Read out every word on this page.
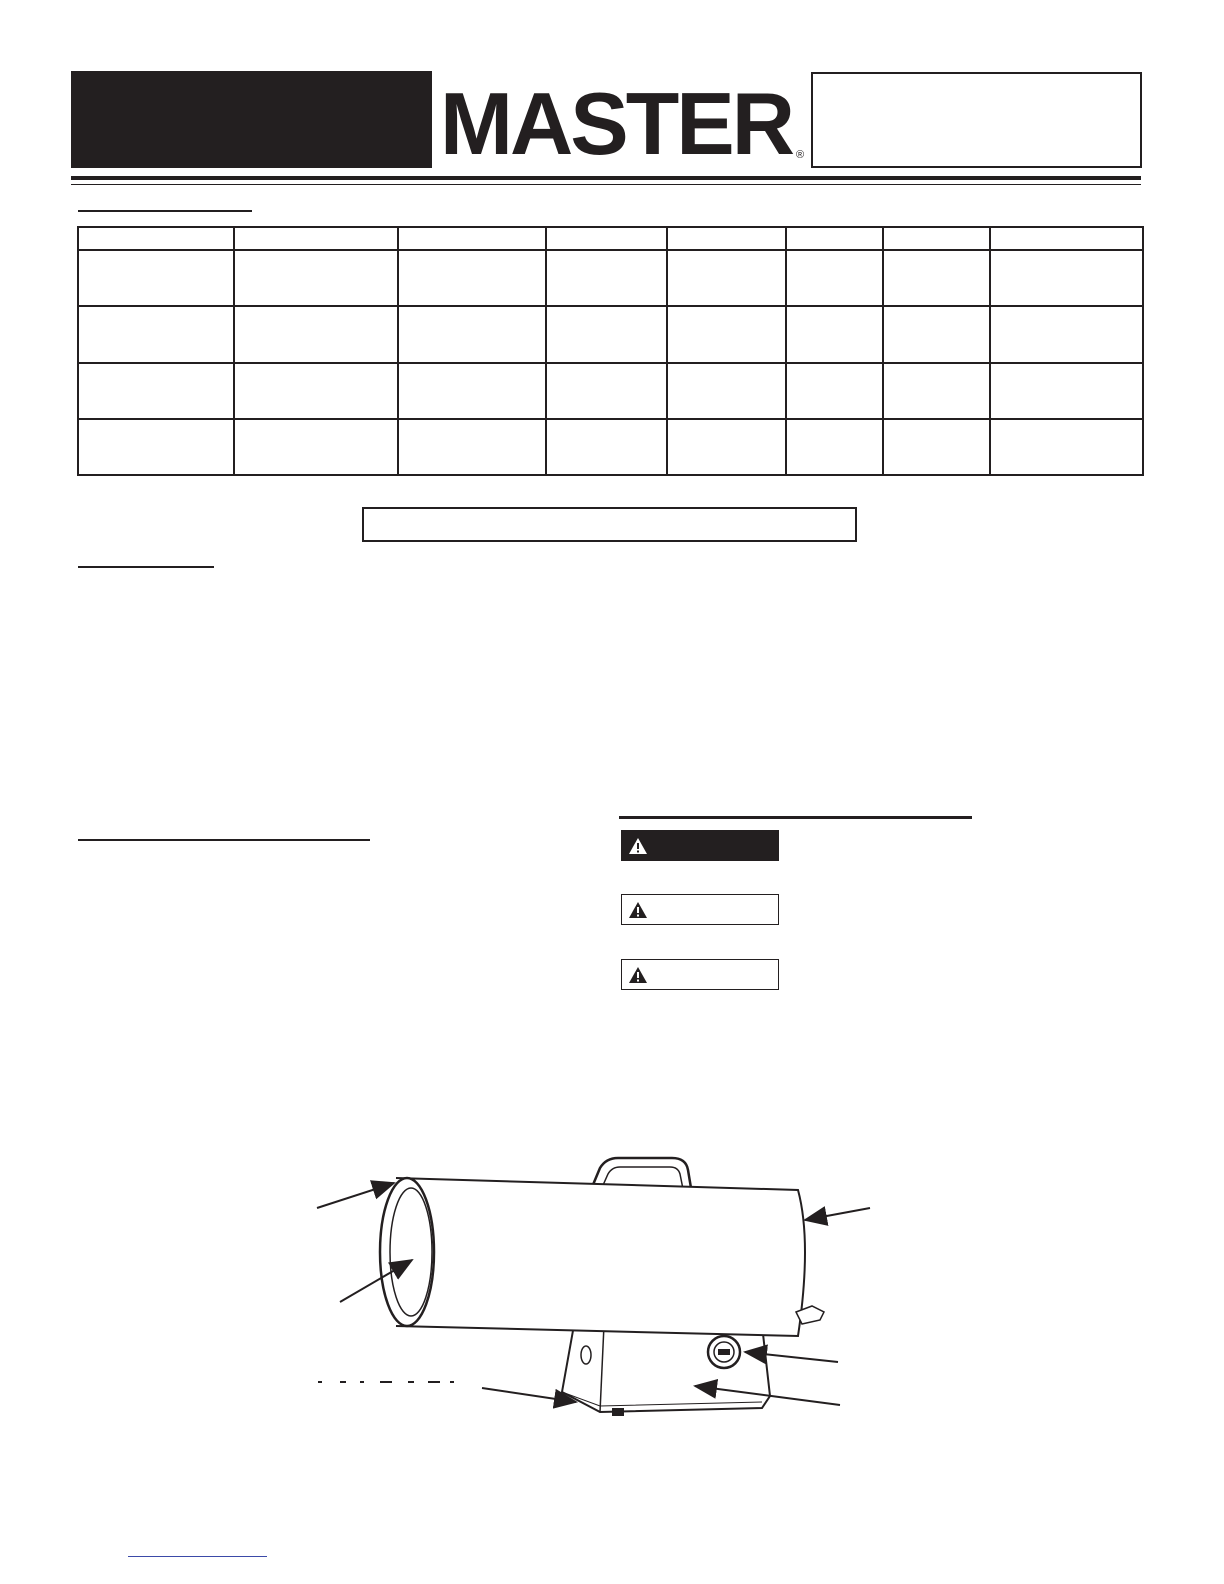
MASTER ®
